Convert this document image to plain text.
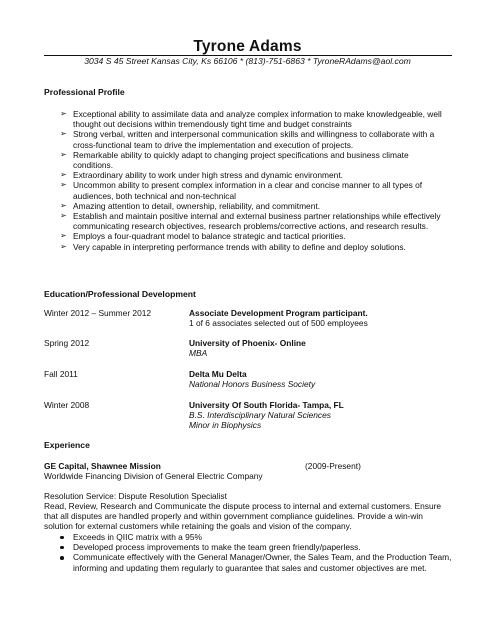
Tyrone Adams
3034 S 45 Street Kansas City, Ks 66106 * (813)-751-6863 * TyroneRAdams@aol.com
Professional Profile
➢ Exceptional ability to assimilate data and analyze complex information to make knowledgeable, well thought out decisions within tremendously tight time and budget constraints
➢ Strong verbal, written and interpersonal communication skills and willingness to collaborate with a cross-functional team to drive the implementation and execution of projects.
➢ Remarkable ability to quickly adapt to changing project specifications and business climate conditions.
➢ Extraordinary ability to work under high stress and dynamic environment.
➢ Uncommon ability to present complex information in a clear and concise manner to all types of audiences, both technical and non-technical
➢ Amazing attention to detail, ownership, reliability, and commitment.
➢ Establish and maintain positive internal and external business partner relationships while effectively communicating research objectives, research problems/corrective actions, and research results.
➢ Employs a four-quadrant model to balance strategic and tactical priorities.
➢ Very capable in interpreting performance trends with ability to define and deploy solutions.
Education/Professional Development
Winter 2012 – Summer 2012	Associate Development Program participant.
1 of 6 associates selected out of 500 employees
Spring 2012	University of Phoenix- Online
MBA
Fall 2011	Delta Mu Delta
National Honors Business Society
Winter 2008	University Of South Florida- Tampa, FL
B.S. Interdisciplinary Natural Sciences
Minor in Biophysics
Experience
GE Capital, Shawnee Mission	(2009-Present)
Worldwide Financing Division of General Electric Company
Resolution Service: Dispute Resolution Specialist
Read, Review, Research and Communicate the dispute process to internal and external customers. Ensure that all disputes are handled properly and within government compliance guidelines. Provide a win-win solution for external customers while retaining the goals and vision of the company.
Exceeds in QIIC matrix with a 95%
Developed process improvements to make the team green friendly/paperless.
Communicate effectively with the General Manager/Owner, the Sales Team, and the Production Team, informing and updating them regularly to guarantee that sales and customer objectives are met.
